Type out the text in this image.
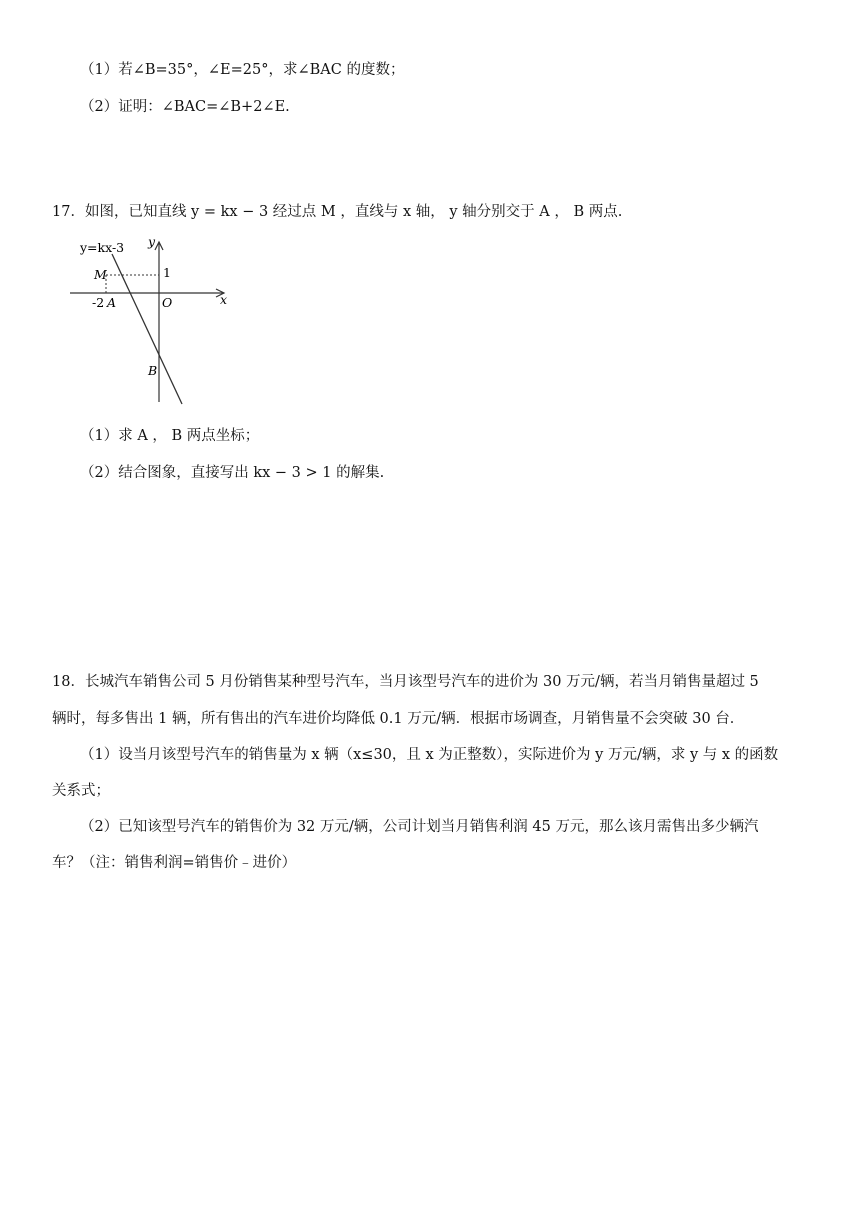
（1）若∠B=35°，∠E=25°，求∠BAC 的度数；
（2）证明：∠BAC=∠B+2∠E.
17．如图，已知直线 y = kx − 3 经过点 M ，直线与 x 轴， y 轴分别交于 A ， B 两点.
y=kx-3 y
x
M	1
-2 A	O
B
（1）求 A ， B 两点坐标；
（2）结合图象，直接写出 kx − 3 > 1 的解集.
18．长城汽车销售公司 5 月份销售某种型号汽车，当月该型号汽车的进价为 30 万元/辆，若当月销售量超过 5
辆时，每多售出 1 辆，所有售出的汽车进价均降低 0.1 万元/辆．根据市场调查，月销售量不会突破 30 台．
（1）设当月该型号汽车的销售量为 x 辆（x≤30，且 x 为正整数），实际进价为 y 万元/辆，求 y 与 x 的函数
关系式；
（2）已知该型号汽车的销售价为 32 万元/辆，公司计划当月销售利润 45 万元，那么该月需售出多少辆汽
车？（注：销售利润=销售价﹣进价）
